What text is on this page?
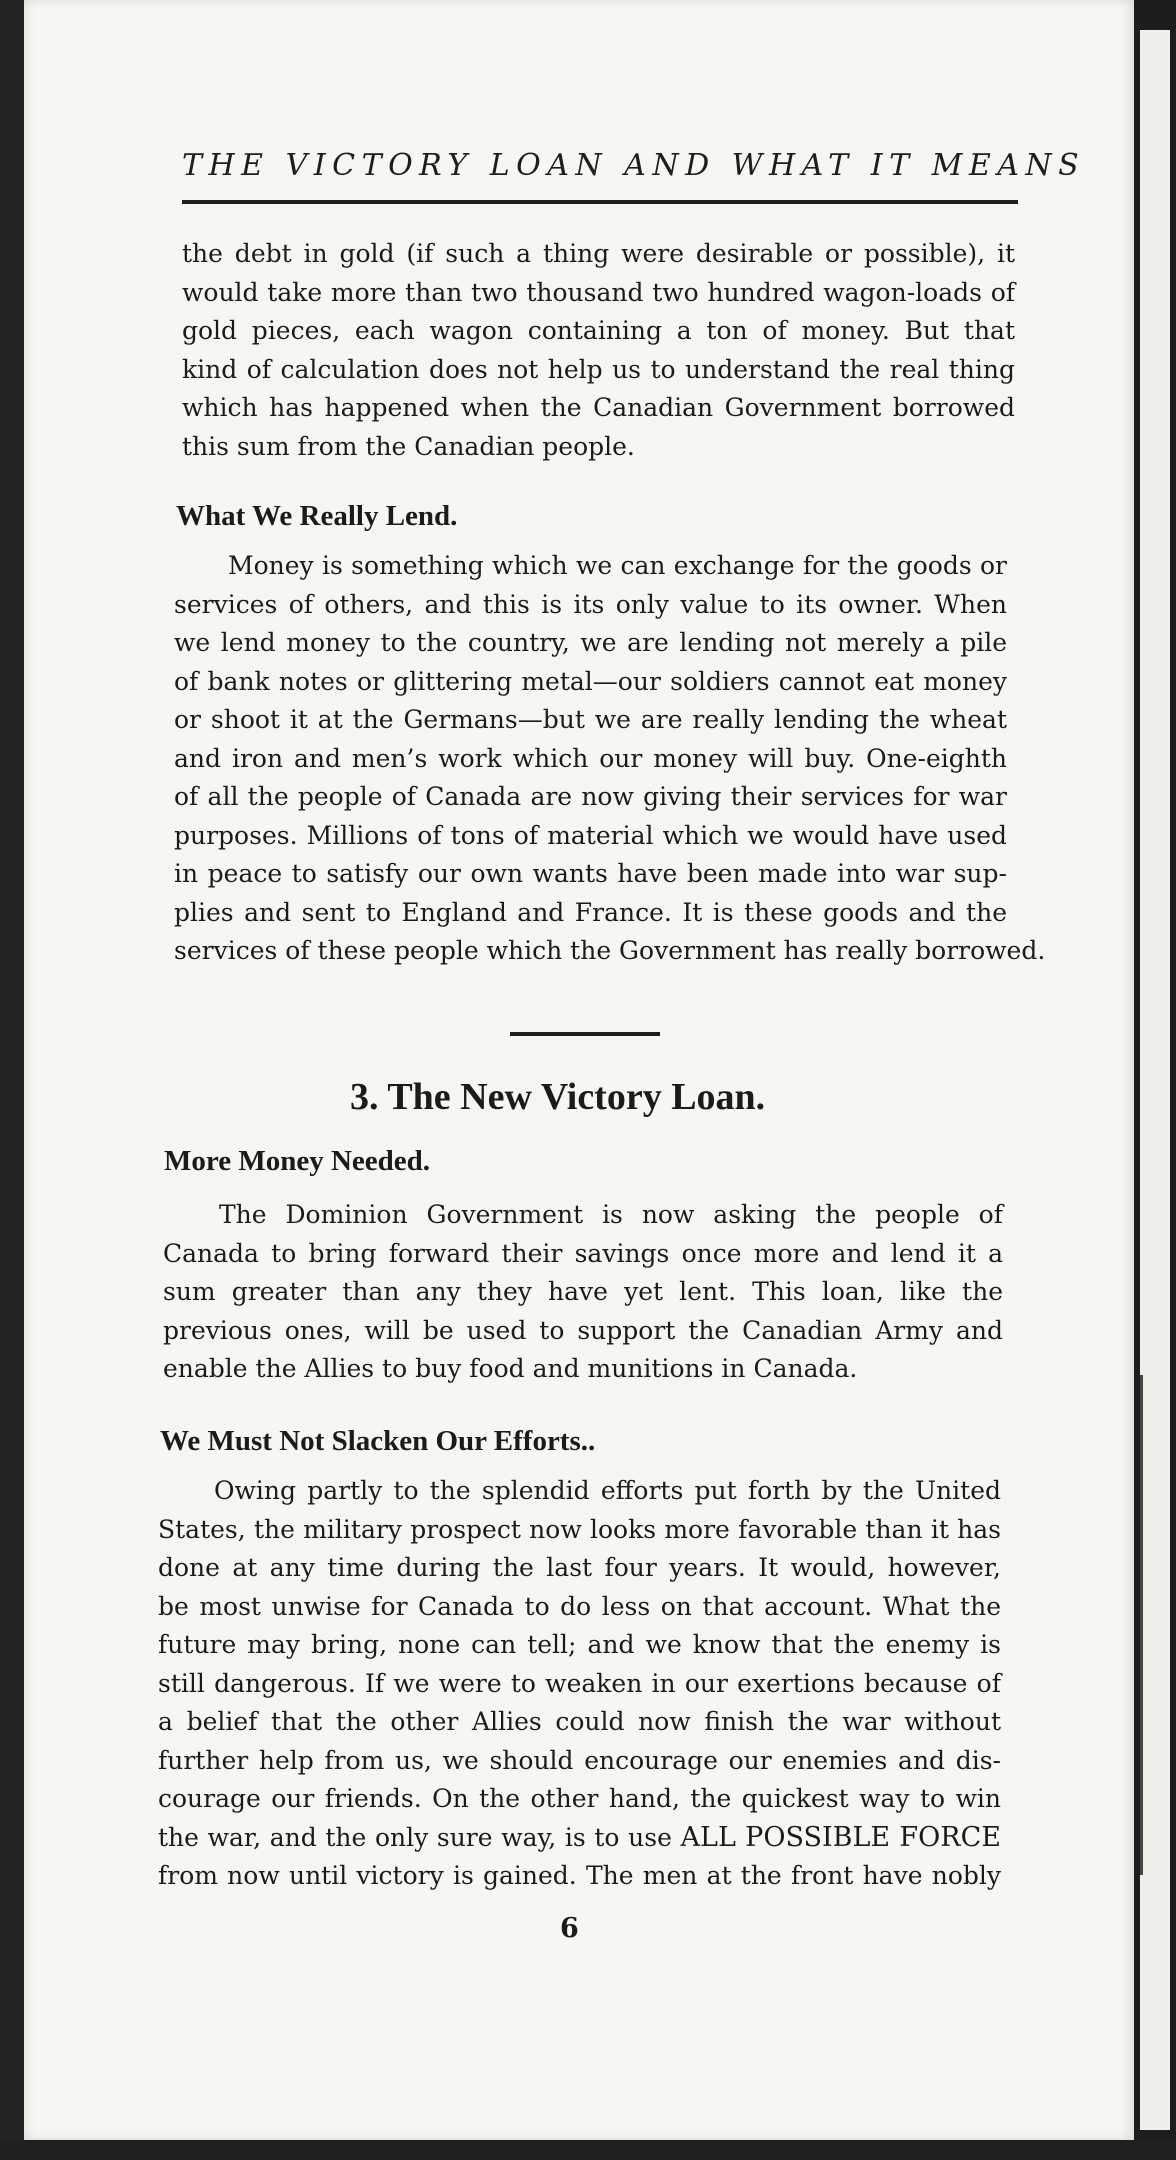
THE VICTORY LOAN AND WHAT IT MEANS
the debt in gold (if such a thing were desirable or possible), it
would take more than two thousand two hundred wagon-loads of
gold pieces, each wagon containing a ton of money. But that
kind of calculation does not help us to understand the real thing
which has happened when the Canadian Government borrowed
this sum from the Canadian people.
What We Really Lend.
Money is something which we can exchange for the goods or
services of others, and this is its only value to its owner. When
we lend money to the country, we are lending not merely a pile
of bank notes or glittering metal—our soldiers cannot eat money
or shoot it at the Germans—but we are really lending the wheat
and iron and men’s work which our money will buy. One-eighth
of all the people of Canada are now giving their services for war
purposes. Millions of tons of material which we would have used
in peace to satisfy our own wants have been made into war sup-
plies and sent to England and France. It is these goods and the
services of these people which the Government has really borrowed.
3. The New Victory Loan.
More Money Needed.
The Dominion Government is now asking the people of
Canada to bring forward their savings once more and lend it a
sum greater than any they have yet lent. This loan, like the
previous ones, will be used to support the Canadian Army and
enable the Allies to buy food and munitions in Canada.
We Must Not Slacken Our Efforts..
Owing partly to the splendid efforts put forth by the United
States, the military prospect now looks more favorable than it has
done at any time during the last four years. It would, however,
be most unwise for Canada to do less on that account. What the
future may bring, none can tell; and we know that the enemy is
still dangerous. If we were to weaken in our exertions because of
a belief that the other Allies could now finish the war without
further help from us, we should encourage our enemies and dis-
courage our friends. On the other hand, the quickest way to win
the war, and the only sure way, is to use ALL POSSIBLE FORCE
from now until victory is gained. The men at the front have nobly
6
